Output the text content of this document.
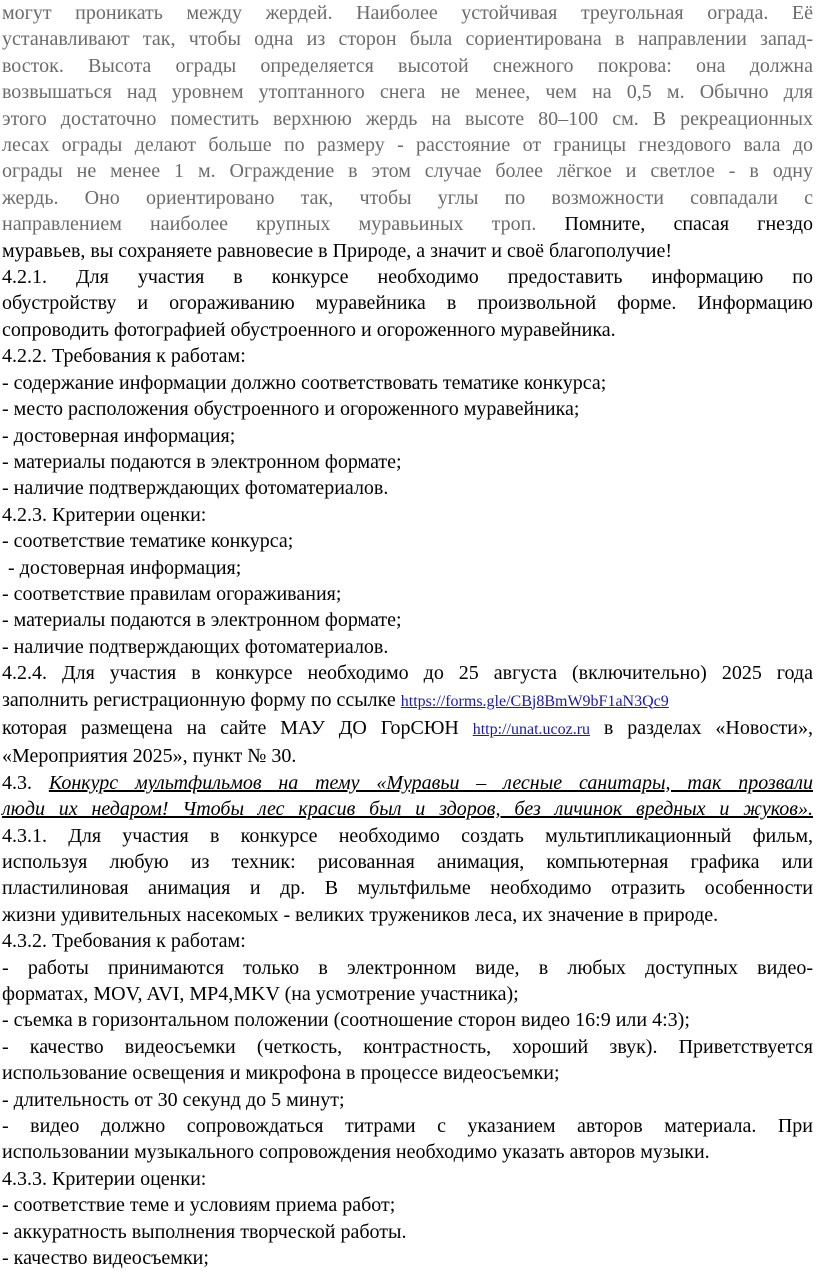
могут проникать между жердей. Наиболее устойчивая треугольная ограда. Её

устанавливают так, чтобы одна из сторон была сориентирована в направлении запад-

восток. Высота ограды определяется высотой снежного покрова: она должна

возвышаться над уровнем утоптанного снега не менее, чем на 0,5 м. Обычно для

этого достаточно поместить верхнюю жердь на высоте 80–100 см. В рекреационных

лесах ограды делают больше по размеру - расстояние от границы гнездового вала до

ограды не менее 1 м. Ограждение в этом случае более лёгкое и светлое - в одну

жердь. Оно ориентировано так, чтобы углы по возможности совпадали с

направлением наиболее крупных муравьиных троп. Помните, спасая гнездо

муравьев, вы сохраняете равновесие в Природе, а значит и своё благополучие!

4.2.1. Для участия в конкурсе необходимо предоставить информацию по

обустройству и огораживанию муравейника в произвольной форме. Информацию

сопроводить фотографией обустроенного и огороженного муравейника.

4.2.2. Требования к работам:

- содержание информации должно соответствовать тематике конкурса;

- место расположения обустроенного и огороженного муравейника;

- достоверная информация;

- материалы подаются в электронном формате;

- наличие подтверждающих фотоматериалов.

4.2.3. Критерии оценки:

- соответствие тематике конкурса;

- достоверная информация;

- соответствие правилам огораживания;

- материалы подаются в электронном формате;

- наличие подтверждающих фотоматериалов.

4.2.4. Для участия в конкурсе необходимо до 25 августа (включительно) 2025 года

заполнить регистрационную форму по ссылке https://forms.gle/CBj8BmW9bF1aN3Qc9

которая размещена на сайте МАУ ДО ГорСЮН http://unat.ucoz.ru в разделах «Новости»,

«Мероприятия 2025», пункт № 30.

4.3. Конкурс мультфильмов на тему «Муравьи – лесные санитары, так прозвали

люди их недаром! Чтобы лес красив был и здоров, без личинок вредных и жуков».

4.3.1. Для участия в конкурсе необходимо создать мультипликационный фильм,

используя любую из техник: рисованная анимация, компьютерная графика или

пластилиновая анимация и др. В мультфильме необходимо отразить особенности

жизни удивительных насекомых - великих тружеников леса, их значение в природе.

4.3.2. Требования к работам:

- работы принимаются только в электронном виде, в любых доступных видео-

форматах, MOV, AVI, MP4,MKV (на усмотрение участника);

- съемка в горизонтальном положении (соотношение сторон видео 16:9 или 4:3);

- качество видеосъемки (четкость, контрастность, хороший звук). Приветствуется

использование освещения и микрофона в процессе видеосъемки;

- длительность от 30 секунд до 5 минут;

- видео должно сопровождаться титрами с указанием авторов материала. При

использовании музыкального сопровождения необходимо указать авторов музыки.

4.3.3. Критерии оценки:

- соответствие теме и условиям приема работ;

- аккуратность выполнения творческой работы.

- качество видеосъемки;
